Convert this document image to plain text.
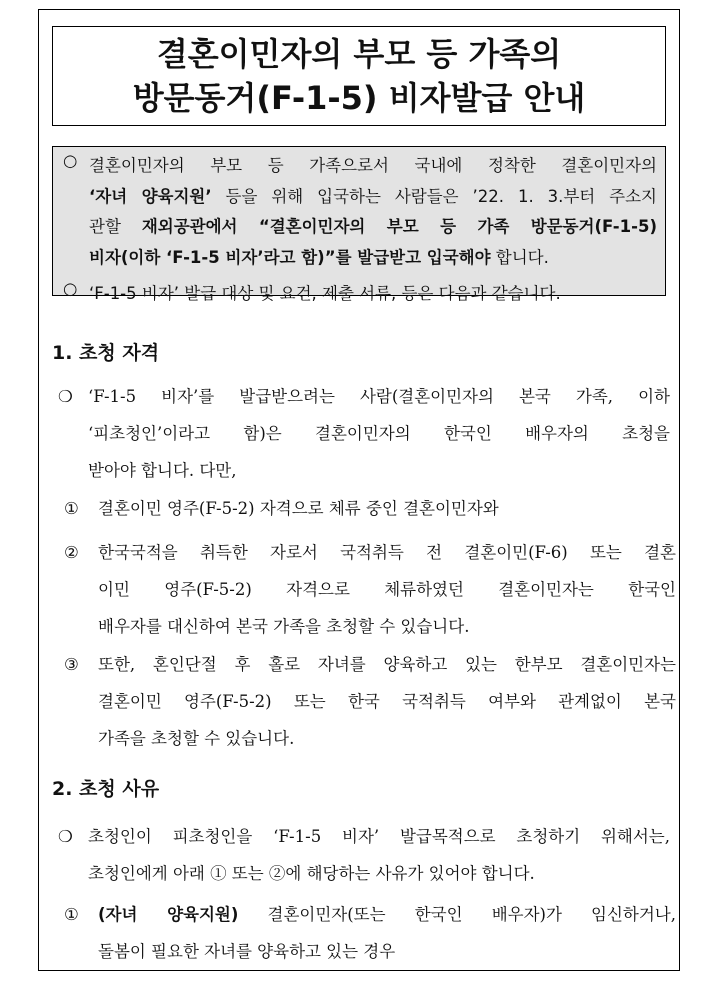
결혼이민자의 부모 등 가족의
방문동거(F-1-5) 비자발급 안내
○ 결혼이민자의 부모 등 가족으로서 국내에 정착한 결혼이민자의
‘자녀 양육지원’ 등을 위해 입국하는 사람들은 ’22. 1. 3.부터 주소지
관할 재외공관에서 “결혼이민자의 부모 등 가족 방문동거(F-1-5)
비자(이하 ‘F-1-5 비자’라고 함)”를 발급받고 입국해야 합니다.
○ ‘F-1-5 비자’ 발급 대상 및 요건, 제출 서류, 등은 다음과 같습니다.
1. 초청 자격
❍ ‘F-1-5 비자’를 발급받으려는 사람(결혼이민자의 본국 가족, 이하
‘피초청인’이라고 함)은 결혼이민자의 한국인 배우자의 초청을
받아야 합니다. 다만,
① 결혼이민 영주(F-5-2) 자격으로 체류 중인 결혼이민자와
② 한국국적을 취득한 자로서 국적취득 전 결혼이민(F-6) 또는 결혼
이민 영주(F-5-2) 자격으로 체류하였던 결혼이민자는 한국인
배우자를 대신하여 본국 가족을 초청할 수 있습니다.
③ 또한, 혼인단절 후 홀로 자녀를 양육하고 있는 한부모 결혼이민자는
결혼이민 영주(F-5-2) 또는 한국 국적취득 여부와 관계없이 본국
가족을 초청할 수 있습니다.
2. 초청 사유
❍ 초청인이 피초청인을 ‘F-1-5 비자’ 발급목적으로 초청하기 위해서는,
초청인에게 아래 ① 또는 ②에 해당하는 사유가 있어야 합니다.
① (자녀 양육지원) 결혼이민자(또는 한국인 배우자)가 임신하거나,
돌봄이 필요한 자녀를 양육하고 있는 경우
